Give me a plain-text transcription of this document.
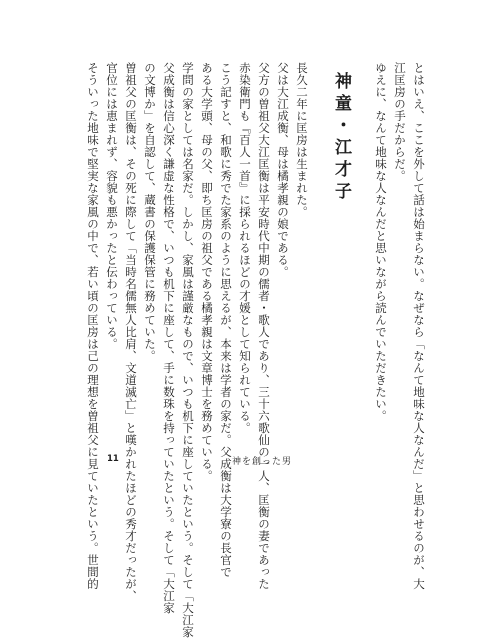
とはいえ、ここを外して話は始まらない。なぜなら「なんて地味な人なんだ」と思わせるのが、大

江匡房の手だからだ。

ゆえに、なんて地味な人なんだと思いながら読んでいただきたい。

神童・江才子

長久二年に匡房は生まれた。

父は大江成衡、母は橘孝親の娘である。

父方の曽祖父大江匡衡は平安時代中期の儒者・歌人であり、三十六歌仙の一人、匡衡の妻であった

赤染衛門も『百人一首』に採られるほどの才媛として知られている。

こう記すと、和歌に秀でた家系のように思えるが、本来は学者の家だ。父成衡は大学寮の長官で

ある大学頭、母の父、即ち匡房の祖父である橘孝親は文章博士を務めている。

学問の家としては名家だ。しかし、家風は謹厳なもので、いつも机下に座していたという。そして「大江家

父成衡は信心深く謙虚な性格で、いつも机下に座して、手に数珠を持っていたという。そして「大江家

の文博か」を自認して、蔵書の保護保管に務めていた。

曽祖父の匡衡は、その死に際して「当時名儒無人比肩、文道滅亡」と嘆かれたほどの秀才だったが、

官位には恵まれず、容貌も悪かったと伝わっている。

そういった地味で堅実な家風の中で、若い頃の匡房は己の理想を曽祖父に見ていたという。世間的 11	神を創った男
